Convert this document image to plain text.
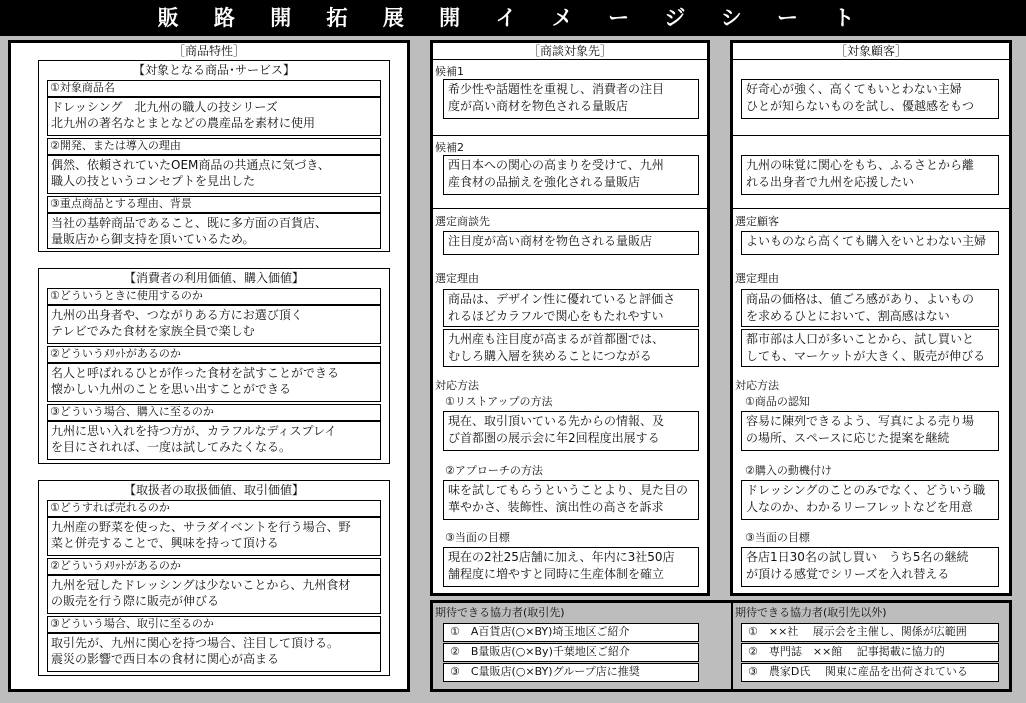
販 路 開 拓 展 開 イ メ ー ジ シ ー ト
［商品特性］
【対象となる商品･サービス】
①対象商品名
ドレッシング　北九州の職人の技シリーズ
北九州の著名なとまとなどの農産品を素材に使用
②開発、または導入の理由
偶然、依頼されていたOEM商品の共通点に気づき、
職人の技というコンセプトを見出した
③重点商品とする理由、背景
当社の基幹商品であること、既に多方面の百貨店、
量販店から御支持を頂いているため。
【消費者の利用価値、購入価値】
①どういうときに使用するのか
九州の出身者や、つながりある方にお選び頂く
テレビでみた食材を家族全員で楽しむ
②どういうﾒﾘｯﾄがあるのか
名人と呼ばれるひとが作った食材を試すことができる
懐かしい九州のことを思い出すことができる
③どういう場合、購入に至るのか
九州に思い入れを持つ方が、カラフルなディスプレイ
を目にされれば、一度は試してみたくなる。
【取扱者の取扱価値、取引価値】
①どうすれば売れるのか
九州産の野菜を使った、サラダイベントを行う場合、野
菜と併売することで、興味を持って頂ける
②どういうﾒﾘｯﾄがあるのか
九州を冠したドレッシングは少ないことから、九州食材
の販売を行う際に販売が伸びる
③どういう場合、取引に至るのか
取引先が、九州に関心を持つ場合、注目して頂ける。
震災の影響で西日本の食材に関心が高まる
［商談対象先］
候補1
希少性や話題性を重視し、消費者の注目
度が高い商材を物色される量販店
候補2
西日本への関心の高まりを受けて、九州
産食材の品揃えを強化される量販店
選定商談先
注目度が高い商材を物色される量販店
選定理由
商品は、デザイン性に優れていると評価さ
れるほどカラフルで関心をもたれやすい
九州産も注目度が高まるが首都圏では、
むしろ購入層を狭めることにつながる
対応方法
①リストアップの方法
現在、取引頂いている先からの情報、及
び首都圏の展示会に年2回程度出展する
②アプローチの方法
味を試してもらうということより、見た目の
華やかさ、装飾性、演出性の高さを訴求
③当面の目標
現在の2社25店舗に加え、年内に3社50店
舗程度に増やすと同時に生産体制を確立
［対象顧客］
好奇心が強く、高くてもいとわない主婦
ひとが知らないものを試し、優越感をもつ
九州の味覚に関心をもち、ふるさとから離
れる出身者で九州を応援したい
選定顧客
よいものなら高くても購入をいとわない主婦
選定理由
商品の価格は、値ごろ感があり、よいもの
を求めるひとにおいて、割高感はない
都市部は人口が多いことから、試し買いと
しても、マーケットが大きく、販売が伸びる
対応方法
①商品の認知
容易に陳列できるよう、写真による売り場
の場所、スペースに応じた提案を継続
②購入の動機付け
ドレッシングのことのみでなく、どういう職
人なのか、わかるリーフレットなどを用意
③当面の目標
各店1日30名の試し買い　うち5名の継続
が頂ける感覚でシリーズを入れ替える
期待できる協力者(取引先)
①　A百貨店(○×BY)埼玉地区ご紹介
②　B量販店(○×By)千葉地区ご紹介
③　C量販店(○×BY)グループ店に推奨
期待できる協力者(取引先以外)
①　××社　 展示会を主催し、関係が広範囲
②　専門誌　××館　 記事掲載に協力的
③　農家D氏　 関東に産品を出荷されている
